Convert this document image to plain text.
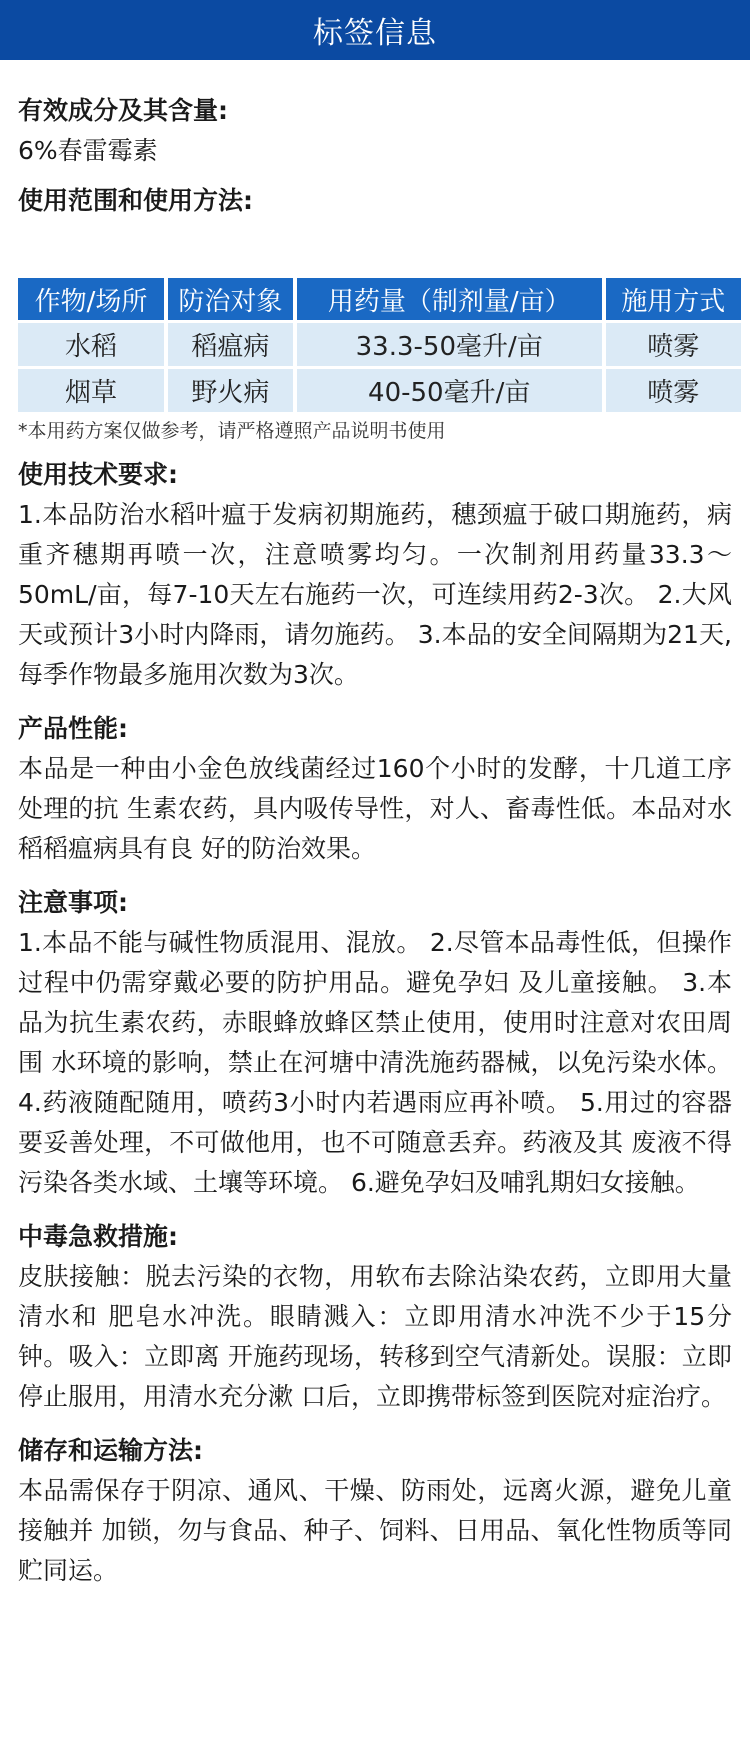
标签信息

有效成分及其含量:

6%春雷霉素

使用范围和使用方法:

作物/场所	防治对象	用药量（制剂量/亩）	施用方式
水稻	稻瘟病	33.3-50毫升/亩	喷雾
烟草	野火病	40-50毫升/亩	喷雾

*本用药方案仅做参考，请严格遵照产品说明书使用

使用技术要求:

1.本品防治水稻叶瘟于发病初期施药，穗颈瘟于破口期施药，病重齐穗期再喷一次，注意喷雾均匀。一次制剂用药量33.3～50mL/亩，每7-10天左右施药一次，可连续用药2-3次。 2.大风天或预计3小时内降雨，请勿施药。 3.本品的安全间隔期为21天,每季作物最多施用次数为3次。

产品性能:

本品是一种由小金色放线菌经过160个小时的发酵，十几道工序处理的抗 生素农药，具内吸传导性，对人、畜毒性低。本品对水稻稻瘟病具有良 好的防治效果。

注意事项:

1.本品不能与碱性物质混用、混放。 2.尽管本品毒性低，但操作过程中仍需穿戴必要的防护用品。避免孕妇 及儿童接触。 3.本品为抗生素农药，赤眼蜂放蜂区禁止使用，使用时注意对农田周围 水环境的影响，禁止在河塘中清洗施药器械，以免污染水体。 4.药液随配随用，喷药3小时内若遇雨应再补喷。 5.用过的容器要妥善处理，不可做他用，也不可随意丢弃。药液及其 废液不得污染各类水域、土壤等环境。 6.避免孕妇及哺乳期妇女接触。

中毒急救措施:

皮肤接触：脱去污染的衣物，用软布去除沾染农药，立即用大量清水和 肥皂水冲洗。眼睛溅入：立即用清水冲洗不少于15分钟。吸入：立即离 开施药现场，转移到空气清新处。误服：立即停止服用，用清水充分漱 口后，立即携带标签到医院对症治疗。

储存和运输方法:

本品需保存于阴凉、通风、干燥、防雨处，远离火源，避免儿童接触并 加锁，勿与食品、种子、饲料、日用品、氧化性物质等同贮同运。
